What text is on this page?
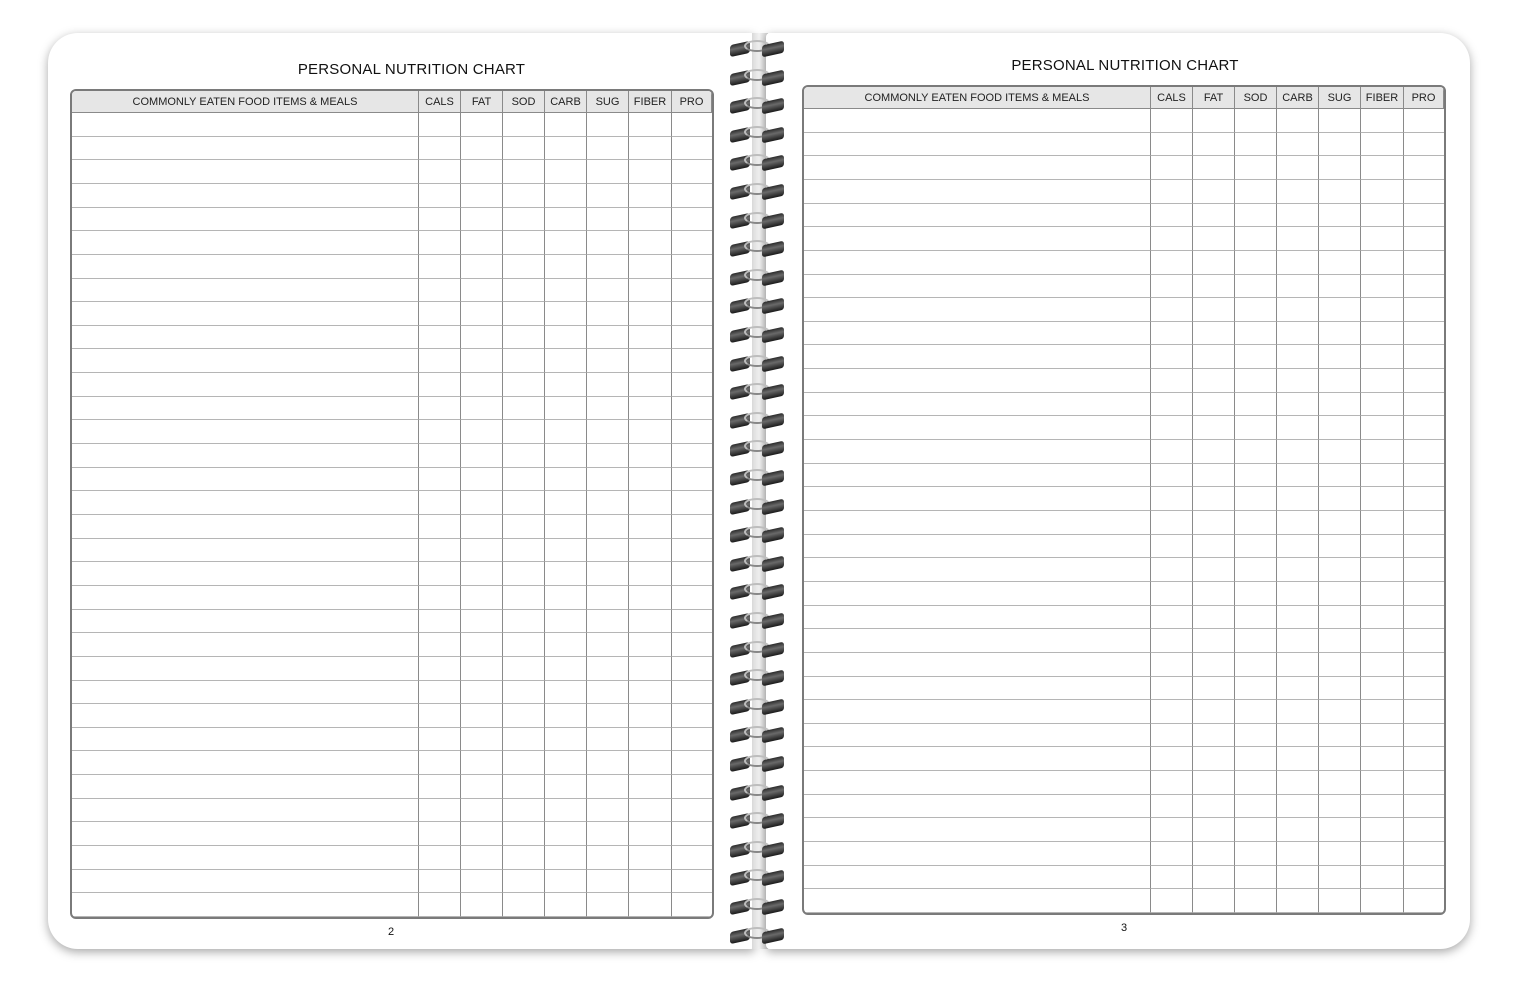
PERSONAL NUTRITION CHART
COMMONLY EATEN FOOD ITEMS & MEALS	CALS	FAT	SOD	CARB	SUG	FIBER	PRO
2
PERSONAL NUTRITION CHART
COMMONLY EATEN FOOD ITEMS & MEALS	CALS	FAT	SOD	CARB	SUG	FIBER	PRO
3
